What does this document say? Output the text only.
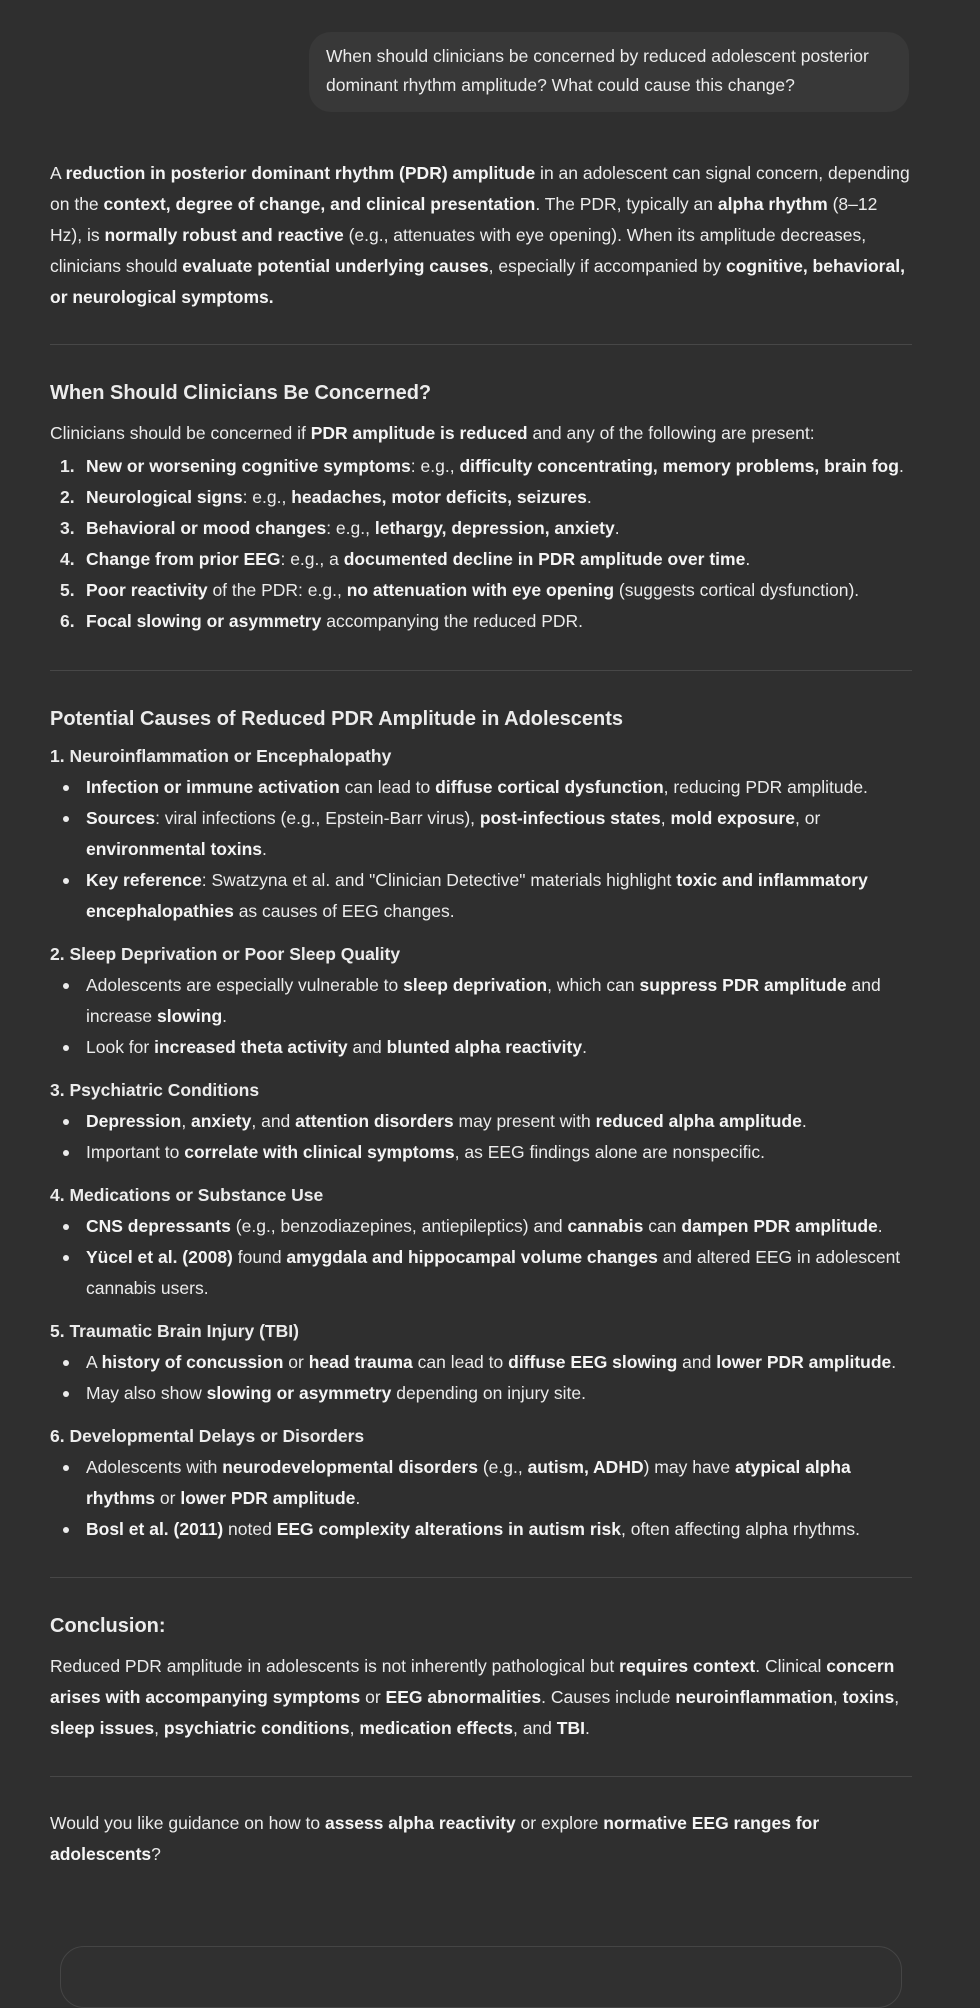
When should clinicians be concerned by reduced adolescent posterior dominant rhythm amplitude? What could cause this change?

A reduction in posterior dominant rhythm (PDR) amplitude in an adolescent can signal concern, depending on the context, degree of change, and clinical presentation. The PDR, typically an alpha rhythm (8–12 Hz), is normally robust and reactive (e.g., attenuates with eye opening). When its amplitude decreases, clinicians should evaluate potential underlying causes, especially if accompanied by cognitive, behavioral, or neurological symptoms.

When Should Clinicians Be Concerned?

Clinicians should be concerned if PDR amplitude is reduced and any of the following are present:

1. New or worsening cognitive symptoms: e.g., difficulty concentrating, memory problems, brain fog.
2. Neurological signs: e.g., headaches, motor deficits, seizures.
3. Behavioral or mood changes: e.g., lethargy, depression, anxiety.
4. Change from prior EEG: e.g., a documented decline in PDR amplitude over time.
5. Poor reactivity of the PDR: e.g., no attenuation with eye opening (suggests cortical dysfunction).
6. Focal slowing or asymmetry accompanying the reduced PDR.
Potential Causes of Reduced PDR Amplitude in Adolescents
1. Neuroinflammation or Encephalopathy
Infection or immune activation can lead to diffuse cortical dysfunction, reducing PDR amplitude.
Sources: viral infections (e.g., Epstein-Barr virus), post-infectious states, mold exposure, or environmental toxins.
Key reference: Swatzyna et al. and "Clinician Detective" materials highlight toxic and inflammatory encephalopathies as causes of EEG changes.
2. Sleep Deprivation or Poor Sleep Quality
Adolescents are especially vulnerable to sleep deprivation, which can suppress PDR amplitude and increase slowing.
Look for increased theta activity and blunted alpha reactivity.
3. Psychiatric Conditions
Depression, anxiety, and attention disorders may present with reduced alpha amplitude.
Important to correlate with clinical symptoms, as EEG findings alone are nonspecific.
4. Medications or Substance Use
CNS depressants (e.g., benzodiazepines, antiepileptics) and cannabis can dampen PDR amplitude.
Yücel et al. (2008) found amygdala and hippocampal volume changes and altered EEG in adolescent cannabis users.
5. Traumatic Brain Injury (TBI)
A history of concussion or head trauma can lead to diffuse EEG slowing and lower PDR amplitude.
May also show slowing or asymmetry depending on injury site.
6. Developmental Delays or Disorders
Adolescents with neurodevelopmental disorders (e.g., autism, ADHD) may have atypical alpha rhythms or lower PDR amplitude.
Bosl et al. (2011) noted EEG complexity alterations in autism risk, often affecting alpha rhythms.
Conclusion:

Reduced PDR amplitude in adolescents is not inherently pathological but requires context. Clinical concern arises with accompanying symptoms or EEG abnormalities. Causes include neuroinflammation, toxins, sleep issues, psychiatric conditions, medication effects, and TBI.

Would you like guidance on how to assess alpha reactivity or explore normative EEG ranges for adolescents?
